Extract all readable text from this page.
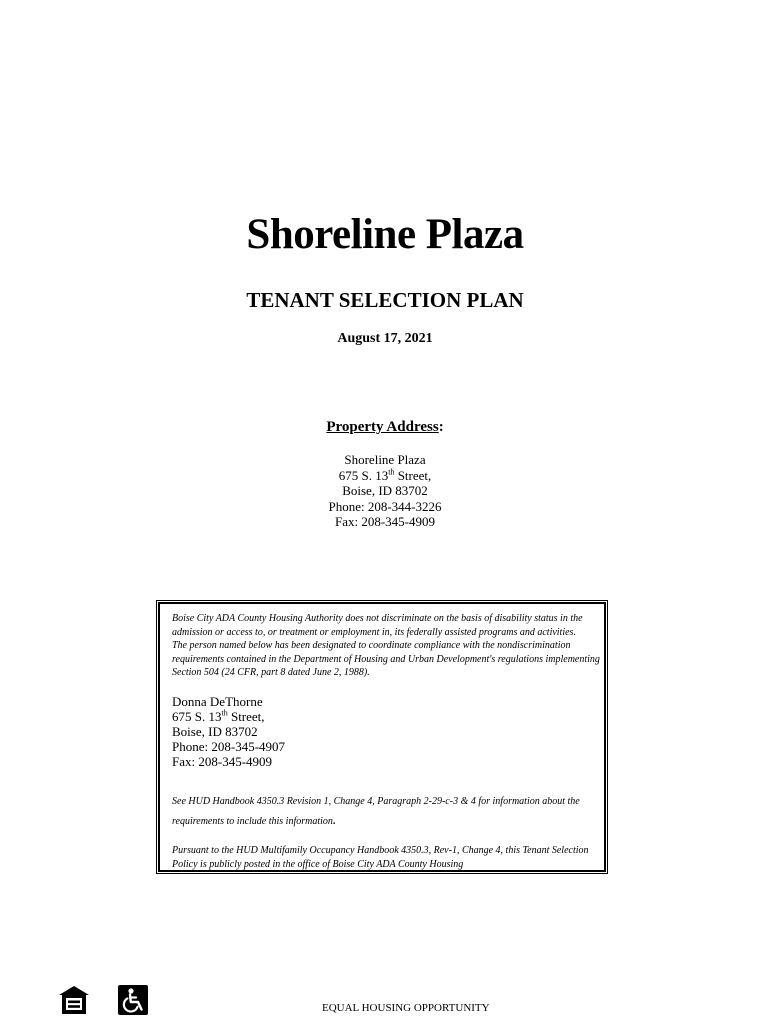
Shoreline Plaza
TENANT SELECTION PLAN
August 17, 2021
Property Address:
Shoreline Plaza
675 S. 13th Street,
Boise, ID 83702
Phone: 208-344-3226
Fax: 208-345-4909

Boise City ADA County Housing Authority does not discriminate on the basis of disability status in the admission or access to, or treatment or employment in, its federally assisted programs and activities.

The person named below has been designated to coordinate compliance with the nondiscrimination requirements contained in the Department of Housing and Urban Development's regulations implementing Section 504 (24 CFR, part 8 dated June 2, 1988).

Donna DeThorne
675 S. 13th Street,
Boise, ID 83702
Phone: 208-345-4907
Fax: 208-345-4909
See HUD Handbook 4350.3 Revision 1, Change 4, Paragraph 2-29-c-3 & 4 for information about the requirements to include this information.
Pursuant to the HUD Multifamily Occupancy Handbook 4350.3, Rev-1, Change 4, this Tenant Selection Policy is publicly posted in the office of Boise City ADA County Housing
EQUAL HOUSING OPPORTUNITY
